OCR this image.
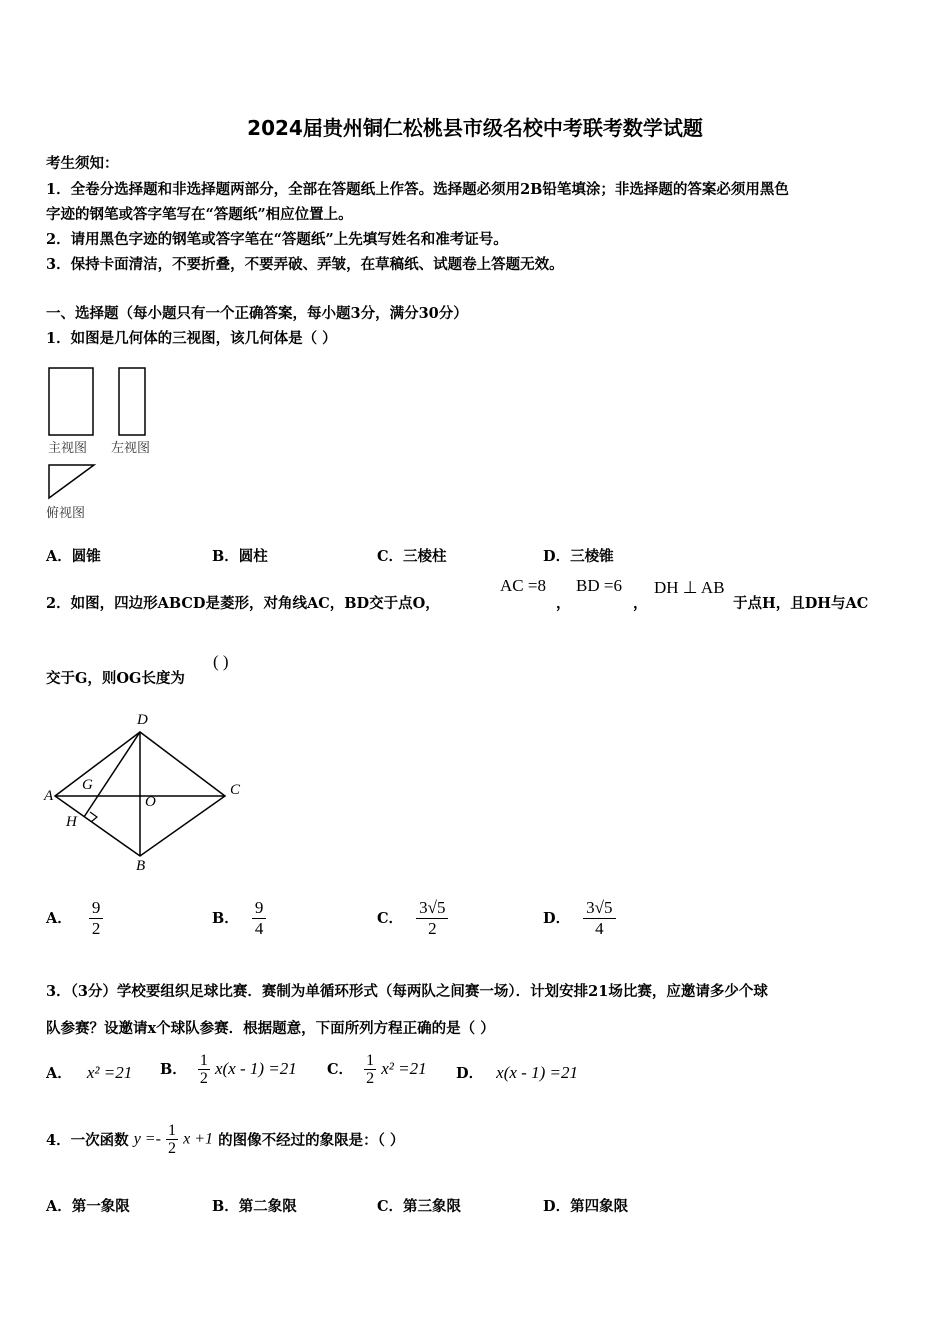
2024届贵州铜仁松桃县市级名校中考联考数学试题
考生须知：
1．全卷分选择题和非选择题两部分，全部在答题纸上作答。选择题必须用2B铅笔填涂；非选择题的答案必须用黑色
字迹的钢笔或答字笔写在“答题纸”相应位置上。
2．请用黑色字迹的钢笔或答字笔在“答题纸”上先填写姓名和准考证号。
3．保持卡面清洁，不要折叠，不要弄破、弄皱，在草稿纸、试题卷上答题无效。
一、选择题（每小题只有一个正确答案，每小题3分，满分30分）
1．如图是几何体的三视图，该几何体是（ ）
主视图 左视图
俯视图
A．圆锥	B．圆柱	C．三棱柱	D．三棱锥
2．如图，四边形ABCD是菱形，对角线AC，BD交于点O，
AC =8
，
BD =6
，
DH ⊥ AB
于点H，且DH与AC
交于G，则OG长度为
( )
D
A	C
B
O
G
H
A． $\frac{9}{2}$	B． $\frac{9}{4}$	C． $\frac{3√5}{2}$	D． $\frac{3√5}{4}$
3．（3分）学校要组织足球比赛．赛制为单循环形式（每两队之间赛一场）．计划安排21场比赛，应邀请多少个球
队参赛？设邀请x个球队参赛．根据题意，下面所列方程正确的是（ ）
A． x² =21 B． $\frac{1}{2} x(x - 1) =21$ C． $\frac{1}{2} x^2 =21$ D． x(x - 1) =21
4．一次函数 $y =- \frac{1}{2}$ x +1 的图像不经过的象限是：（ ）
A．第一象限	B．第二象限	C．第三象限	D．第四象限
